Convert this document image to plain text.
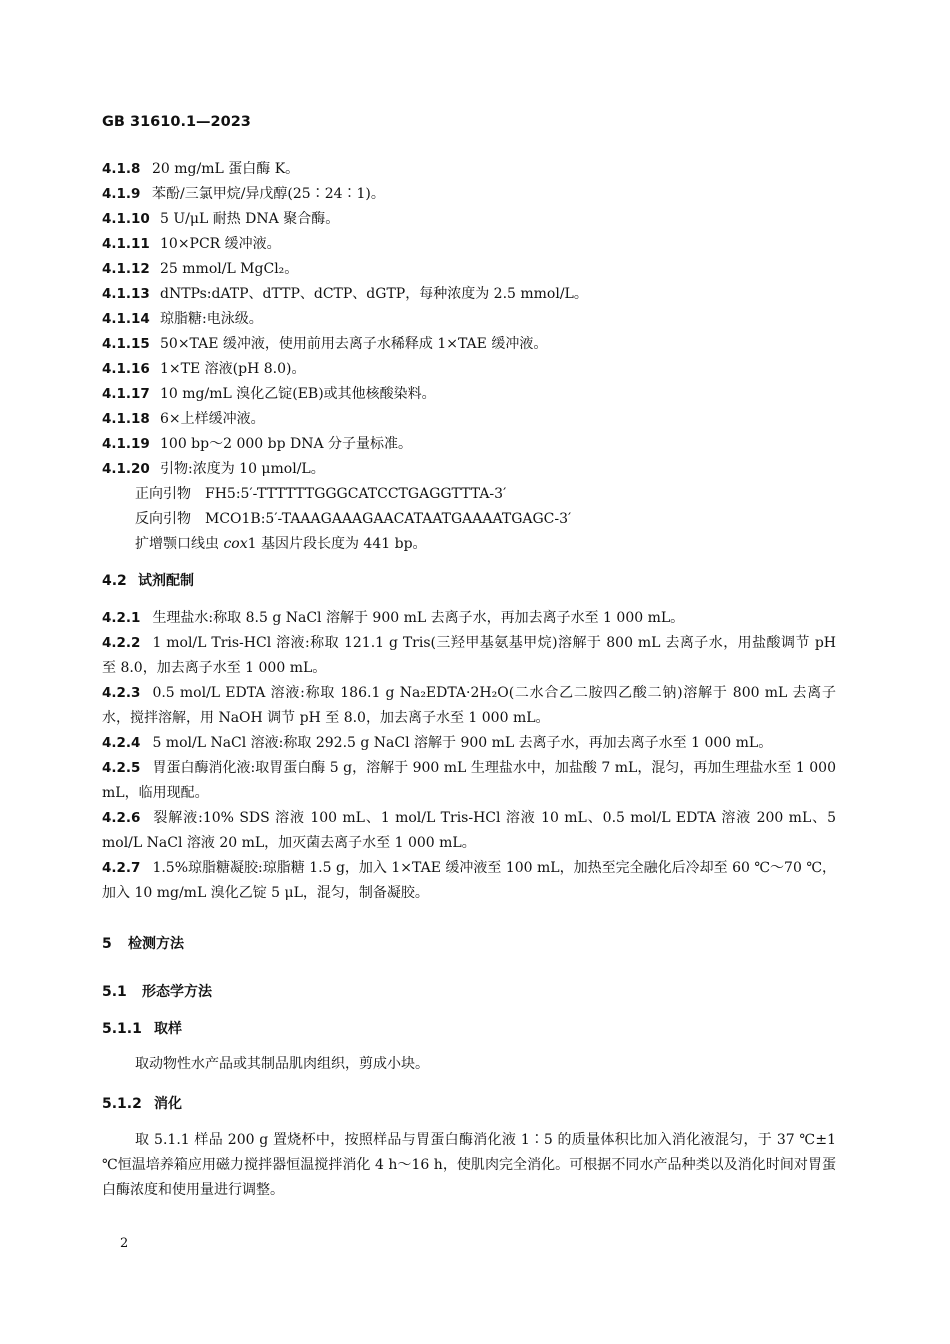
GB 31610.1—2023
4.1.8 20 mg/mL 蛋白酶 K。
4.1.9 苯酚/三氯甲烷/异戊醇(25∶24∶1)。
4.1.10 5 U/μL 耐热 DNA 聚合酶。
4.1.11 10×PCR 缓冲液。
4.1.12 25 mmol/L MgCl₂。
4.1.13 dNTPs:dATP、dTTP、dCTP、dGTP，每种浓度为 2.5 mmol/L。
4.1.14 琼脂糖:电泳级。
4.1.15 50×TAE 缓冲液，使用前用去离子水稀释成 1×TAE 缓冲液。
4.1.16 1×TE 溶液(pH 8.0)。
4.1.17 10 mg/mL 溴化乙锭(EB)或其他核酸染料。
4.1.18 6×上样缓冲液。
4.1.19 100 bp～2 000 bp DNA 分子量标准。
4.1.20 引物:浓度为 10 μmol/L。
正向引物　FH5:5′-TTTTTTGGGCATCCTGAGGTTTA-3′
反向引物　MCO1B:5′-TAAAGAAAGAACATAATGAAAATGAGC-3′
扩增颚口线虫 cox1 基因片段长度为 441 bp。
4.2 试剂配制
4.2.1 生理盐水:称取 8.5 g NaCl 溶解于 900 mL 去离子水，再加去离子水至 1 000 mL。
4.2.2 1 mol/L Tris-HCl 溶液:称取 121.1 g Tris(三羟甲基氨基甲烷)溶解于 800 mL 去离子水，用盐酸调节 pH 至 8.0，加去离子水至 1 000 mL。
4.2.3 0.5 mol/L EDTA 溶液:称取 186.1 g Na₂EDTA·2H₂O(二水合乙二胺四乙酸二钠)溶解于 800 mL 去离子水，搅拌溶解，用 NaOH 调节 pH 至 8.0，加去离子水至 1 000 mL。
4.2.4 5 mol/L NaCl 溶液:称取 292.5 g NaCl 溶解于 900 mL 去离子水，再加去离子水至 1 000 mL。
4.2.5 胃蛋白酶消化液:取胃蛋白酶 5 g，溶解于 900 mL 生理盐水中，加盐酸 7 mL，混匀，再加生理盐水至 1 000 mL，临用现配。
4.2.6 裂解液:10% SDS 溶液 100 mL、1 mol/L Tris-HCl 溶液 10 mL、0.5 mol/L EDTA 溶液 200 mL、5 mol/L NaCl 溶液 20 mL，加灭菌去离子水至 1 000 mL。
4.2.7 1.5%琼脂糖凝胶:琼脂糖 1.5 g，加入 1×TAE 缓冲液至 100 mL，加热至完全融化后冷却至 60 ℃～70 ℃，加入 10 mg/mL 溴化乙锭 5 μL，混匀，制备凝胶。
5 检测方法
5.1 形态学方法
5.1.1 取样
取动物性水产品或其制品肌肉组织，剪成小块。
5.1.2 消化
取 5.1.1 样品 200 g 置烧杯中，按照样品与胃蛋白酶消化液 1∶5 的质量体积比加入消化液混匀，于 37 ℃±1 ℃恒温培养箱应用磁力搅拌器恒温搅拌消化 4 h～16 h，使肌肉完全消化。可根据不同水产品种类以及消化时间对胃蛋白酶浓度和使用量进行调整。
2
